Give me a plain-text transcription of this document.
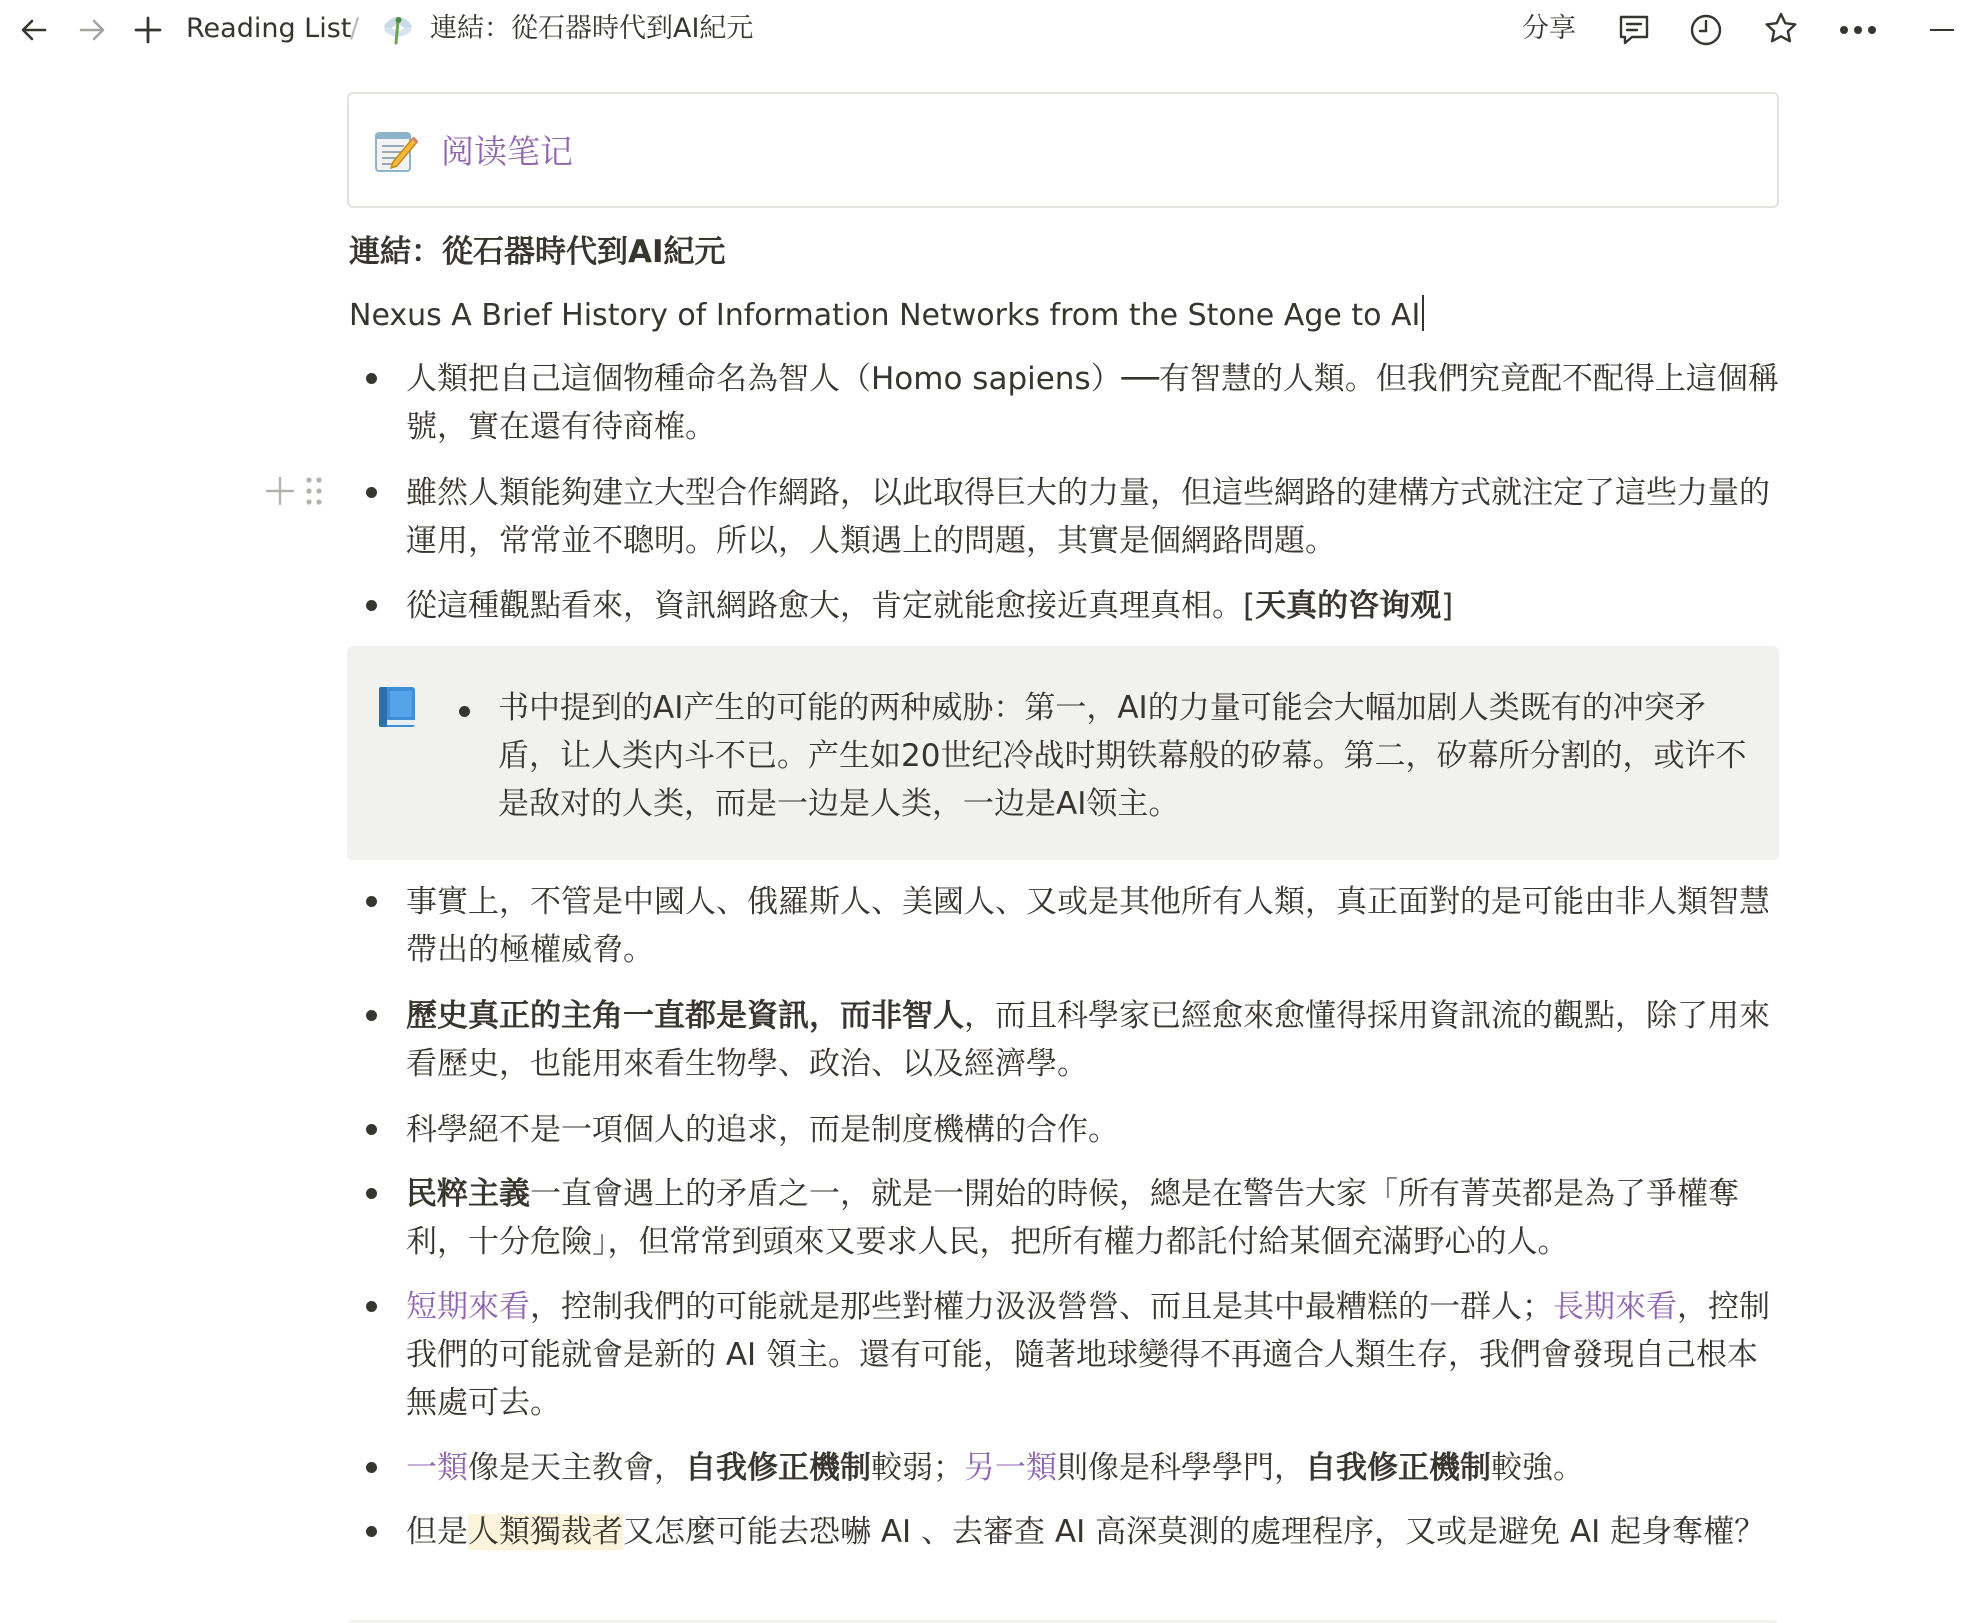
Reading List
/	連結：從石器時代到AI紀元	分享
阅读笔记
連結：從石器時代到AI紀元
Nexus A Brief History of Information Networks from the Stone Age to AI
人類把自己這個物種命名為智人（Homo sapiens）──有智慧的人類。但我們究竟配不配得上這個稱號，實在還有待商榷。
雖然人類能夠建立大型合作網路，以此取得巨大的力量，但這些網路的建構方式就注定了這些力量的運用，常常並不聰明。所以，人類遇上的問題，其實是個網路問題。
從這種觀點看來，資訊網路愈大，肯定就能愈接近真理真相。[天真的咨询观]
书中提到的AI产生的可能的两种威胁：第一，AI的力量可能会大幅加剧人类既有的冲突矛盾，让人类内斗不已。产生如20世纪冷战时期铁幕般的矽幕。第二，矽幕所分割的，或许不是敌对的人类，而是一边是人类，一边是AI领主。
事實上，不管是中國人、俄羅斯人、美國人、又或是其他所有人類，真正面對的是可能由非人類智慧帶出的極權威脅。
歷史真正的主角一直都是資訊，而非智人，而且科學家已經愈來愈懂得採用資訊流的觀點，除了用來看歷史，也能用來看生物學、政治、以及經濟學。
科學絕不是一項個人的追求，而是制度機構的合作。
民粹主義一直會遇上的矛盾之一，就是一開始的時候，總是在警告大家「所有菁英都是為了爭權奪利，十分危險」，但常常到頭來又要求人民，把所有權力都託付給某個充滿野心的人。
短期來看，控制我們的可能就是那些對權力汲汲營營、而且是其中最糟糕的一群人；長期來看，控制我們的可能就會是新的 AI 領主。還有可能，隨著地球變得不再適合人類生存，我們會發現自己根本無處可去。
一類像是天主教會，自我修正機制較弱；另一類則像是科學學門，自我修正機制較強。
但是人類獨裁者又怎麼可能去恐嚇 AI 、去審查 AI 高深莫測的處理程序，又或是避免 AI 起身奪權？
